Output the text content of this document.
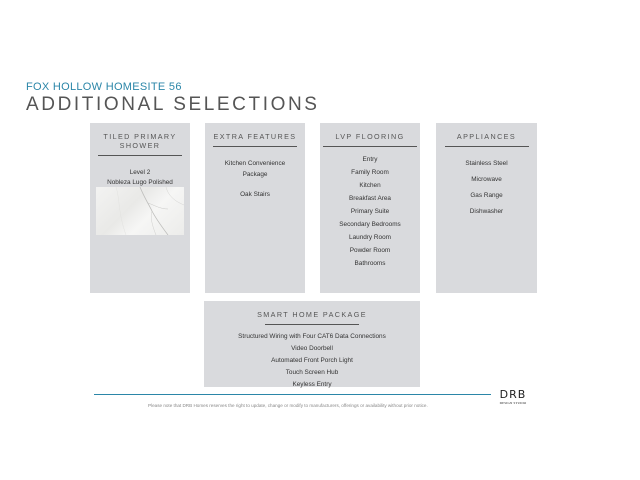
FOX HOLLOW HOMESITE 56
ADDITIONAL SELECTIONS
TILED PRIMARY SHOWER
Level 2
Nobleza Lugo Polished
EXTRA FEATURES
Kitchen Convenience
Package
Oak Stairs
LVP FLOORING
Entry
Family Room
Kitchen
Breakfast Area
Primary Suite
Secondary Bedrooms
Laundry Room
Powder Room
Bathrooms
APPLIANCES
Stainless Steel
Microwave
Gas Range
Dishwasher
SMART HOME PACKAGE
Structured Wiring with Four CAT6 Data Connections
Video Doorbell
Automated Front Porch Light
Touch Screen Hub
Keyless Entry
Please note that DRB Homes reserves the right to update, change or modify to manufacturers, offerings or availability without prior notice.
DRB
DESIGN STUDIO
